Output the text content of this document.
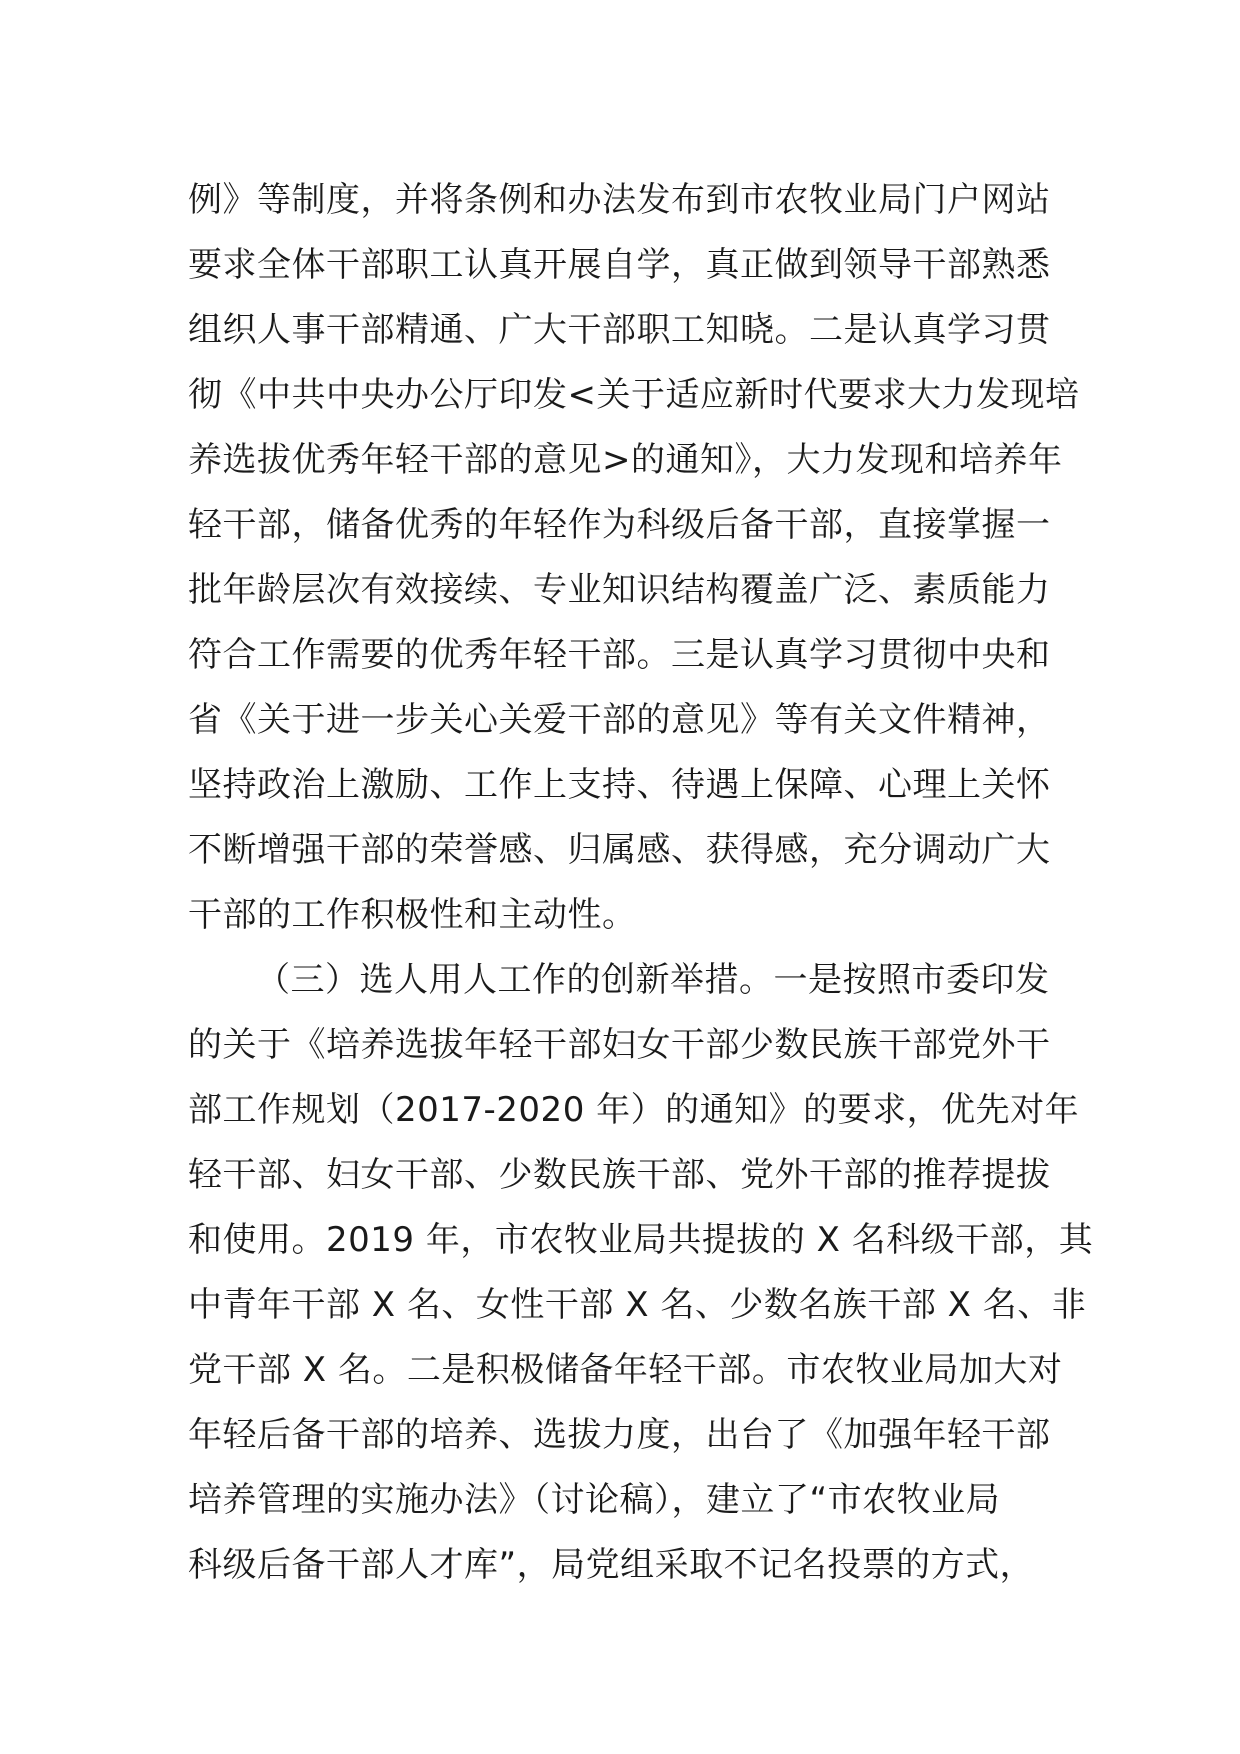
例》等制度，并将条例和办法发布到市农牧业局门户网站
要求全体干部职工认真开展自学，真正做到领导干部熟悉
组织人事干部精通、广大干部职工知晓。二是认真学习贯
彻《中共中央办公厅印发<关于适应新时代要求大力发现培
养选拔优秀年轻干部的意见>的通知》，大力发现和培养年
轻干部，储备优秀的年轻作为科级后备干部，直接掌握一
批年龄层次有效接续、专业知识结构覆盖广泛、素质能力
符合工作需要的优秀年轻干部。三是认真学习贯彻中央和
省《关于进一步关心关爱干部的意见》等有关文件精神，
坚持政治上激励、工作上支持、待遇上保障、心理上关怀
不断增强干部的荣誉感、归属感、获得感，充分调动广大
干部的工作积极性和主动性。
（三）选人用人工作的创新举措。一是按照市委印发
的关于《培养选拔年轻干部妇女干部少数民族干部党外干
部工作规划（2017-2020 年）的通知》的要求，优先对年
轻干部、妇女干部、少数民族干部、党外干部的推荐提拔
和使用。2019 年，市农牧业局共提拔的 X 名科级干部，其
中青年干部 X 名、女性干部 X 名、少数名族干部 X 名、非
党干部 X 名。二是积极储备年轻干部。市农牧业局加大对
年轻后备干部的培养、选拔力度，出台了《加强年轻干部
培养管理的实施办法》（讨论稿），建立了“市农牧业局
科级后备干部人才库”，局党组采取不记名投票的方式，
